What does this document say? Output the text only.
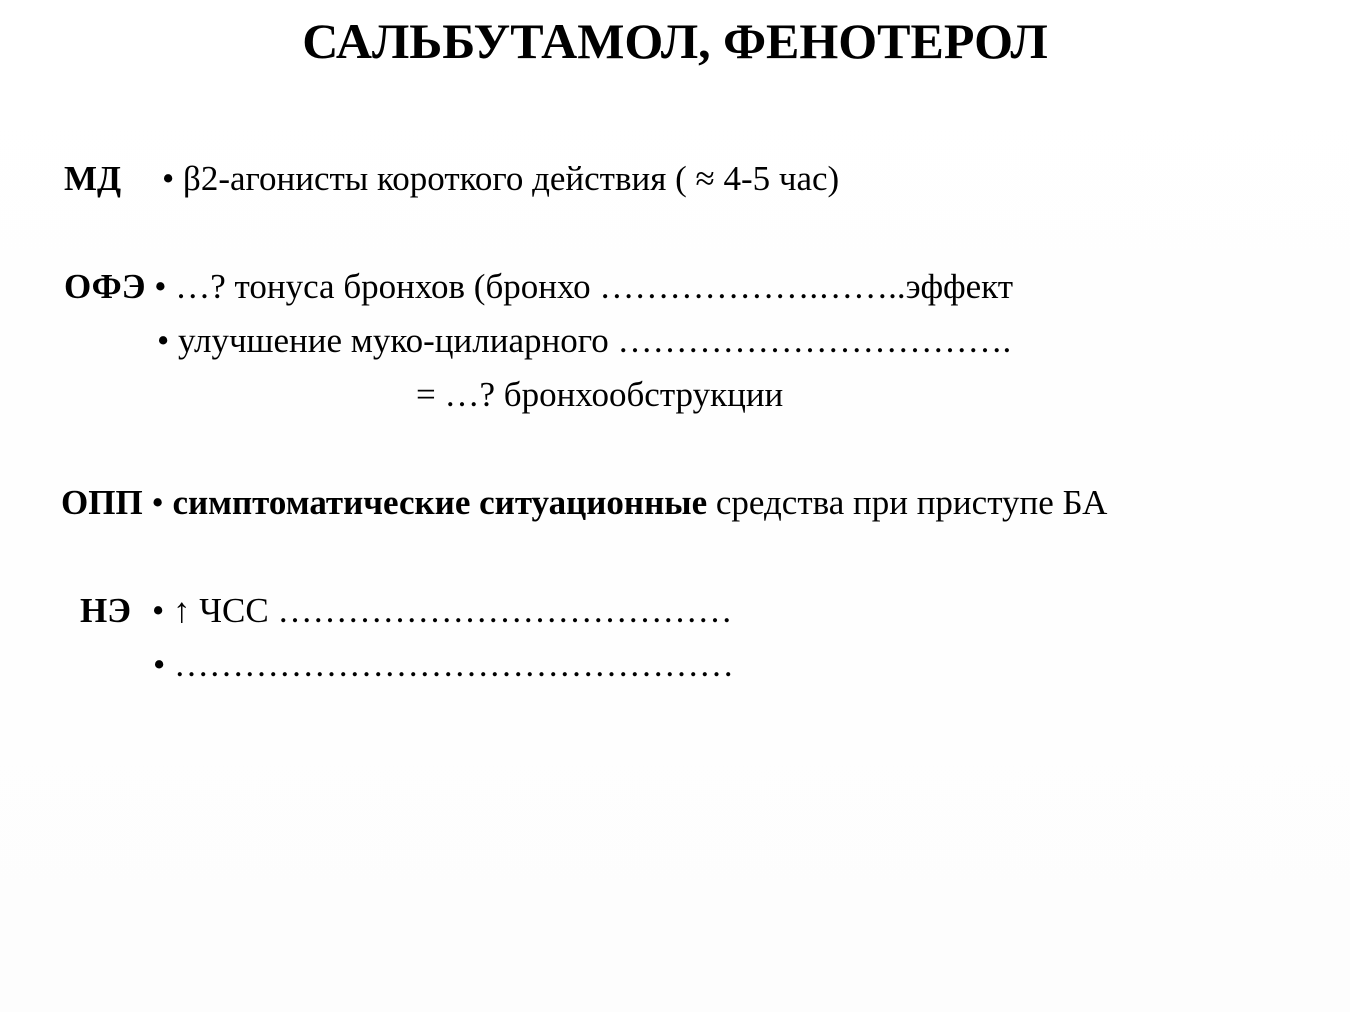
САЛЬБУТАМОЛ, ФЕНОТЕРОЛ
МД • β2-агонисты короткого действия ( ≈ 4-5 час)
ОФЭ • …? тонуса бронхов (бронхо ……………….……..эффект
• улучшение муко-цилиарного …………………………….
= …? бронхообструкции
ОПП • симптоматические ситуационные средства при приступе БА
НЭ • ↑ ЧСС …………………………………
• …………………………………………
